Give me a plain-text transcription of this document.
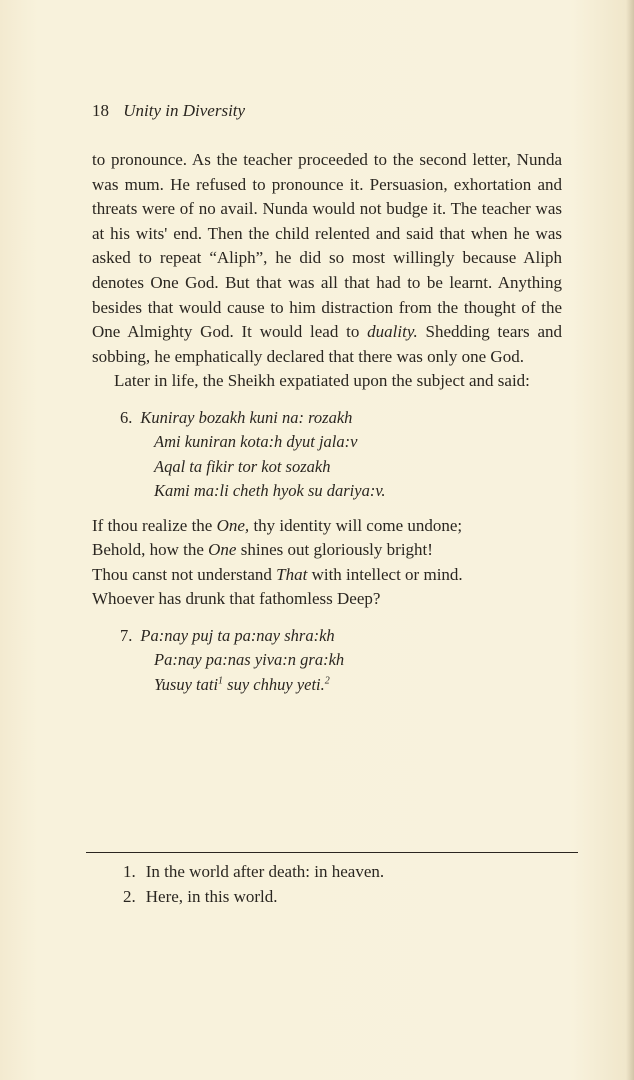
18 Unity in Diversity

to pronounce. As the teacher proceeded to the second letter, Nunda was mum. He refused to pronounce it. Persuasion, exhortation and threats were of no avail. Nunda would not budge it. The teacher was at his wits' end. Then the child relented and said that when he was asked to repeat “Aliph”, he did so most willingly because Aliph denotes One God. But that was all that had to be learnt. Anything besides that would cause to him distraction from the thought of the One Almighty God. It would lead to duality. Shedding tears and sobbing, he emphatically declared that there was only one God.

Later in life, the Sheikh expatiated upon the subject and said:

6. Kuniray bozakh kuni na: rozakh
Ami kuniran kota:h dyut jala:v
Aqal ta fikir tor kot sozakh
Kami ma:li cheth hyok su dariya:v.
If thou realize the One, thy identity will come undone;
Behold, how the One shines out gloriously bright!
Thou canst not understand That with intellect or mind.
Whoever has drunk that fathomless Deep?
7. Pa:nay puj ta pa:nay shra:kh
Pa:nay pa:nas yiva:n gra:kh
Yusuy tati$^1$ suy chhuy yeti.$^2$
1. In the world after death: in heaven.
2. Here, in this world.
